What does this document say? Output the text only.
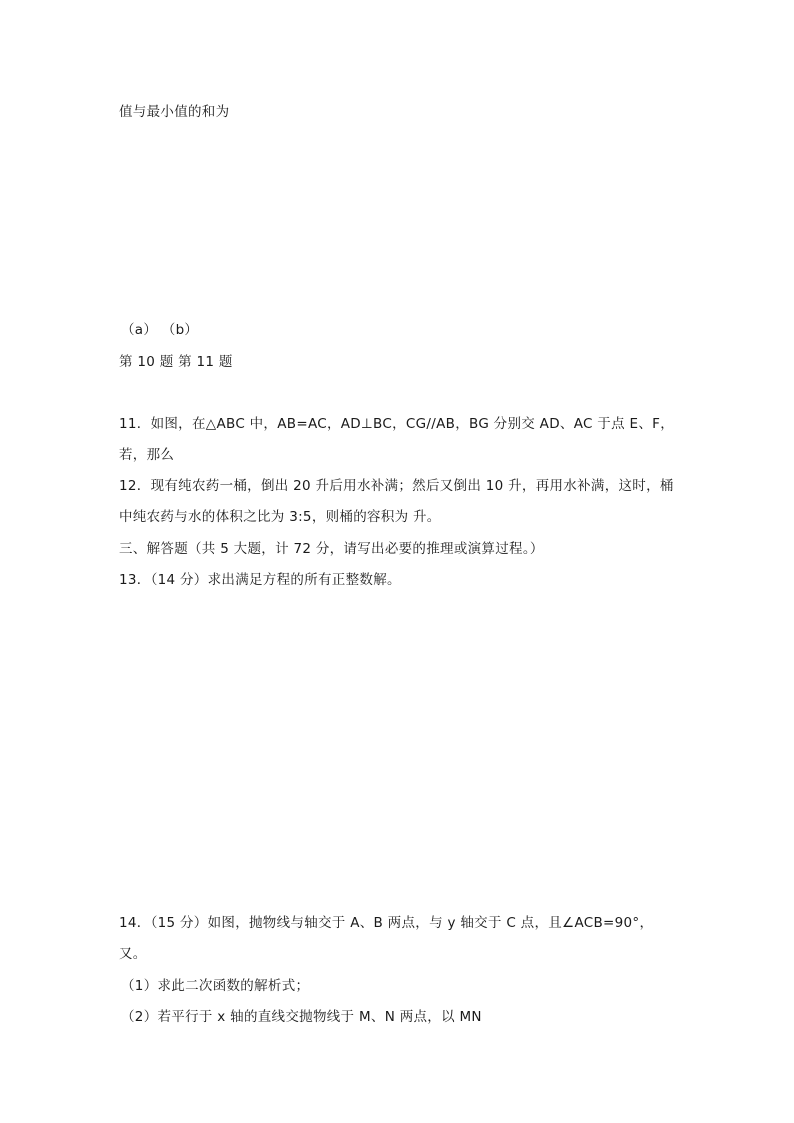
值与最小值的和为
（a） （b）
第 10 题 第 11 题
11．如图，在△ABC 中，AB=AC，AD⊥BC，CG//AB，BG 分别交 AD、AC 于点 E、F，
若，那么
12．现有纯农药一桶，倒出 20 升后用水补满；然后又倒出 10 升，再用水补满，这时，桶
中纯农药与水的体积之比为 3:5，则桶的容积为 升。
三、解答题（共 5 大题，计 72 分，请写出必要的推理或演算过程。）
13．（14 分）求出满足方程的所有正整数解。
14．（15 分）如图，抛物线与轴交于 A、B 两点，与 y 轴交于 C 点，且∠ACB=90°，
又。
（1）求此二次函数的解析式；
（2）若平行于 x 轴的直线交抛物线于 M、N 两点，以 MN
